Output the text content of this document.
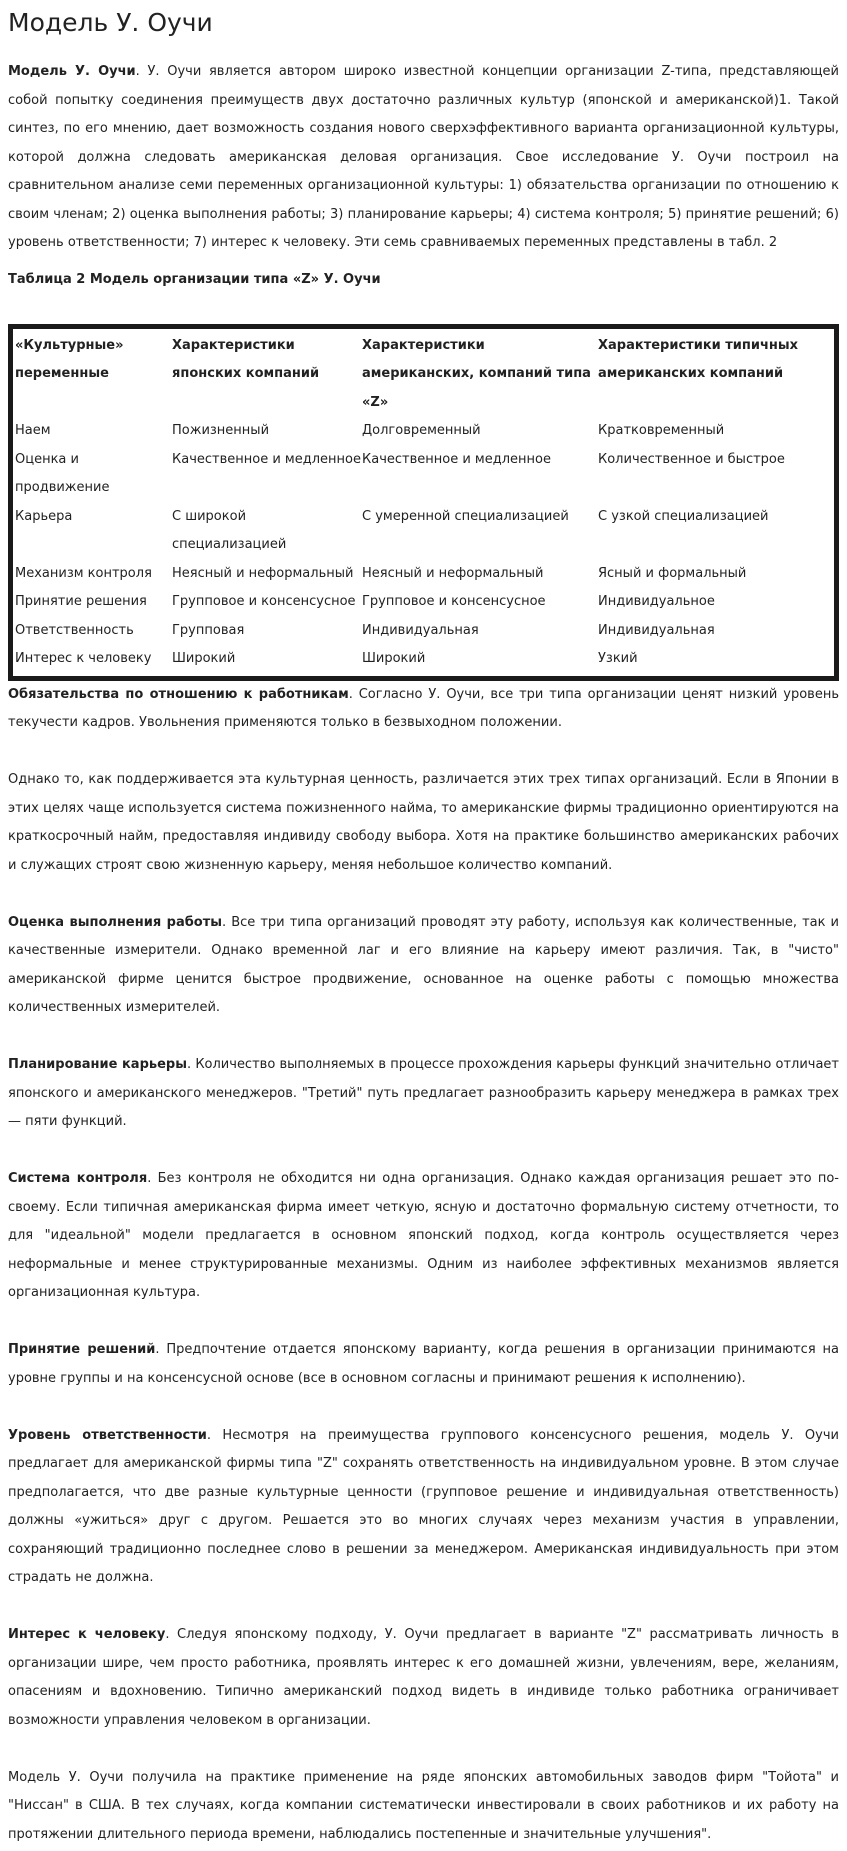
Модель У. Оучи

Модель У. Оучи. У. Оучи является автором широко известной концепции организации Z-типа, представляющей собой попытку соединения преимуществ двух достаточно различных культур (японской и американской)1. Такой синтез, по его мнению, дает возможность создания нового сверхэффективного варианта организационной культуры, которой должна следовать американская деловая организация. Свое исследование У. Оучи построил на сравнительном анализе семи переменных организационной культуры: 1) обязательства организации по отношению к своим членам; 2) оценка выполнения работы; 3) планирование карьеры; 4) система контроля; 5) принятие решений; 6) уровень ответственности; 7) интерес к человеку. Эти семь сравниваемых переменных представлены в табл. 2

Таблица 2 Модель организации типа «Z» У. Оучи
«Культурные» переменные	Характеристики японских компаний	Характеристики американских, компаний типа «Z»	Характеристики типичных американских компаний
Наем	Пожизненный	Долговременный	Кратковременный
Оценка и продвижение	Качественное и медленное	Качественное и медленное	Количественное и быстрое
Карьера	С широкой специализацией	С умеренной специализацией	С узкой специализацией
Механизм контроля	Неясный и неформальный	Неясный и неформальный	Ясный и формальный
Принятие решения	Групповое и консенсусное	Групповое и консенсусное	Индивидуальное
Ответственность	Групповая	Индивидуальная	Индивидуальная
Интерес к человеку	Широкий	Широкий	Узкий

Обязательства по отношению к работникам. Согласно У. Оучи, все три типа организации ценят низкий уровень текучести кадров. Увольнения применяются только в безвыходном положении.

Однако то, как поддерживается эта культурная ценность, различается этих трех типах организаций. Если в Японии в этих целях чаще используется система пожизненного найма, то американские фирмы традиционно ориентируются на краткосрочный найм, предоставляя индивиду свободу выбора. Хотя на практике большинство американских рабочих и служащих строят свою жизненную карьеру, меняя небольшое количество компаний.

Оценка выполнения работы. Все три типа организаций проводят эту работу, используя как количественные, так и качественные измерители. Однако временной лаг и его влияние на карьеру имеют различия. Так, в "чисто" американской фирме ценится быстрое продвижение, основанное на оценке работы с помощью множества количественных измерителей.

Планирование карьеры. Количество выполняемых в процессе прохождения карьеры функций значительно отличает японского и американского менеджеров. "Третий" путь предлагает разнообразить карьеру менеджера в рамках трех — пяти функций.

Система контроля. Без контроля не обходится ни одна организация. Однако каждая организация решает это по-своему. Если типичная американская фирма имеет четкую, ясную и достаточно формальную систему отчетности, то для "идеальной" модели предлагается в основном японский подход, когда контроль осуществляется через неформальные и менее структурированные механизмы. Одним из наиболее эффективных механизмов является организационная культура.

Принятие решений. Предпочтение отдается японскому варианту, когда решения в организации принимаются на уровне группы и на консенсусной основе (все в основном согласны и принимают решения к исполнению).

Уровень ответственности. Несмотря на преимущества группового консенсусного решения, модель У. Оучи предлагает для американской фирмы типа "Z" сохранять ответственность на индивидуальном уровне. В этом случае предполагается, что две разные культурные ценности (групповое решение и индивидуальная ответственность) должны «ужиться» друг с другом. Решается это во многих случаях через механизм участия в управлении, сохраняющий традиционно последнее слово в решении за менеджером. Американская индивидуальность при этом страдать не должна.

Интерес к человеку. Следуя японскому подходу, У. Оучи предлагает в варианте "Z" рассматривать личность в организации шире, чем просто работника, проявлять интерес к его домашней жизни, увлечениям, вере, желаниям, опасениям и вдохновению. Типично американский подход видеть в индивиде только работника ограничивает возможности управления человеком в организации.

Модель У. Оучи получила на практике применение на ряде японских автомобильных заводов фирм "Тойота" и "Ниссан" в США. В тех случаях, когда компании систематически инвестировали в своих работников и их работу на протяжении длительного периода времени, наблюдались постепенные и значительные улучшения".
